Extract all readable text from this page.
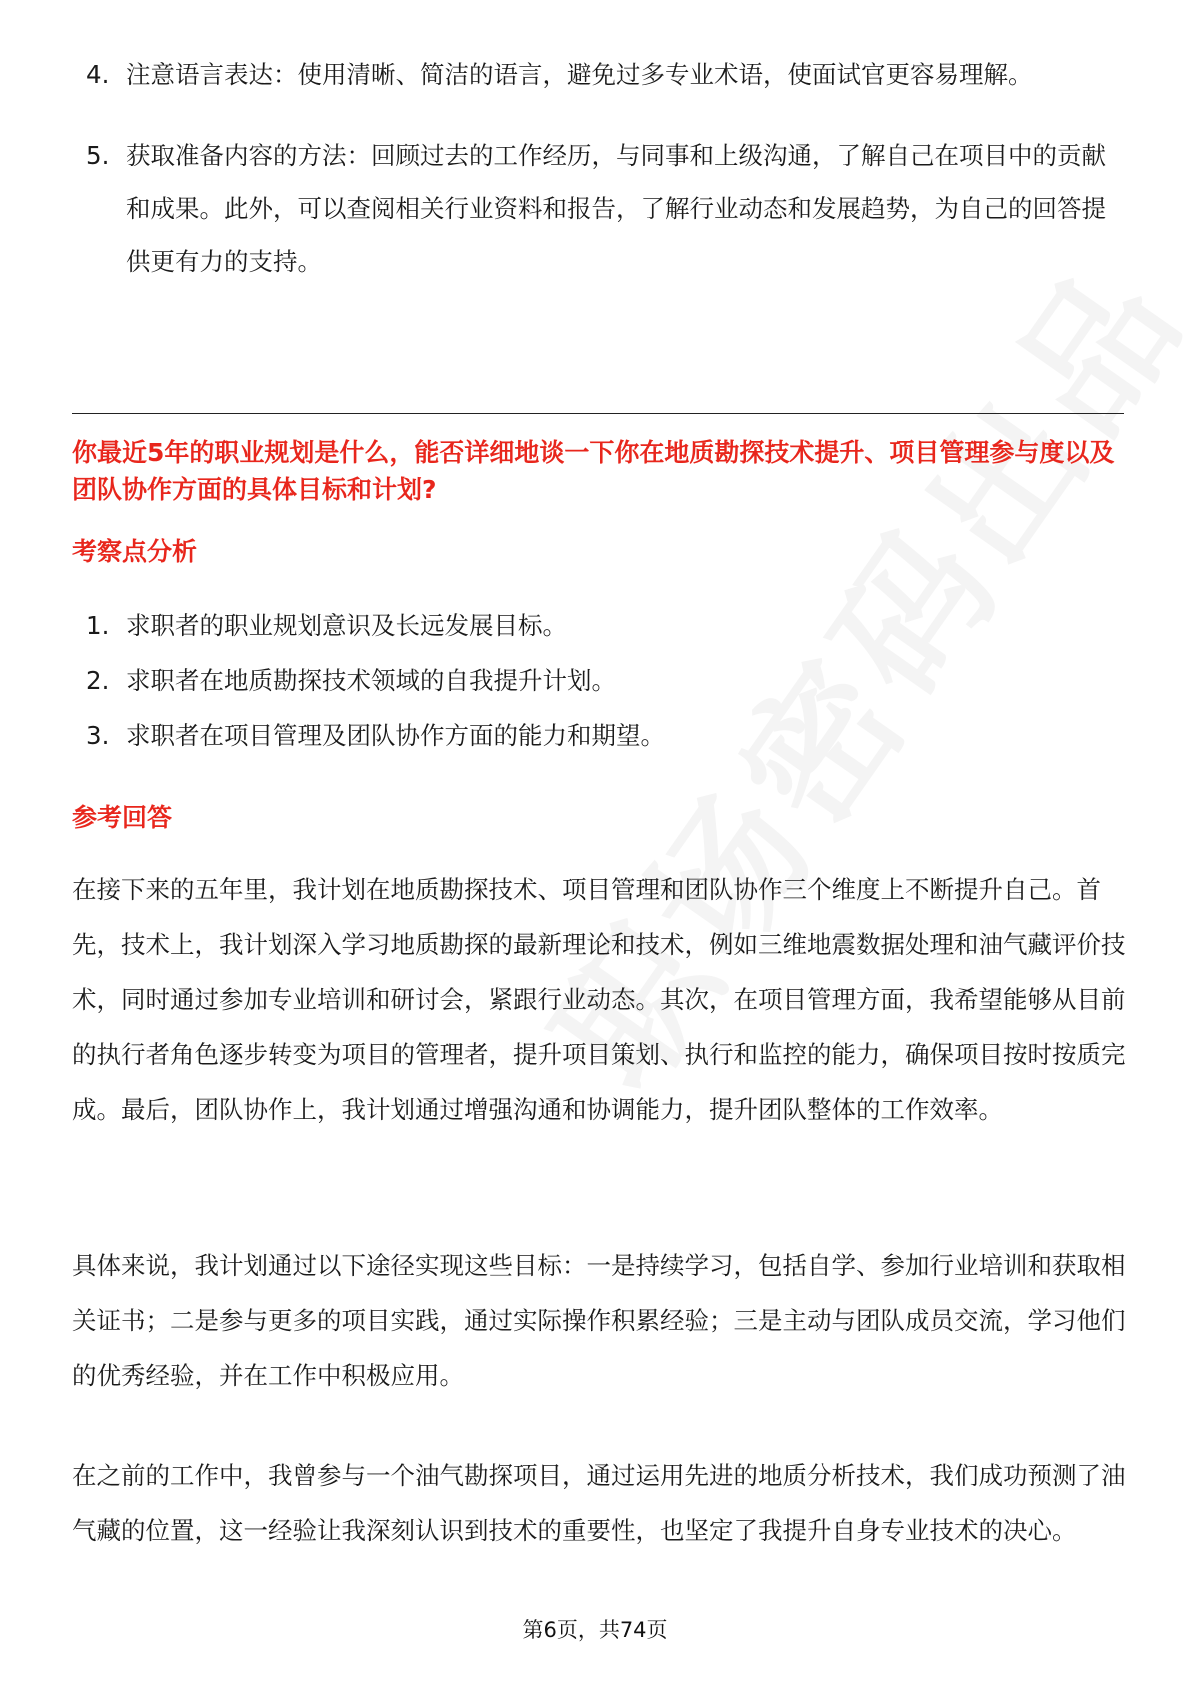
4. 注意语言表达：使用清晰、简洁的语言，避免过多专业术语，使面试官更容易理解。
5. 获取准备内容的方法：回顾过去的工作经历，与同事和上级沟通，了解自己在项目中的贡献和成果。此外，可以查阅相关行业资料和报告，了解行业动态和发展趋势，为自己的回答提供更有力的支持。
你最近5年的职业规划是什么，能否详细地谈一下你在地质勘探技术提升、项目管理参与度以及团队协作方面的具体目标和计划?
考察点分析
1. 求职者的职业规划意识及长远发展目标。
2. 求职者在地质勘探技术领域的自我提升计划。
3. 求职者在项目管理及团队协作方面的能力和期望。
参考回答

在接下来的五年里，我计划在地质勘探技术、项目管理和团队协作三个维度上不断提升自己。首先，技术上，我计划深入学习地质勘探的最新理论和技术，例如三维地震数据处理和油气藏评价技术，同时通过参加专业培训和研讨会，紧跟行业动态。其次，在项目管理方面，我希望能够从目前的执行者角色逐步转变为项目的管理者，提升项目策划、执行和监控的能力，确保项目按时按质完成。最后，团队协作上，我计划通过增强沟通和协调能力，提升团队整体的工作效率。

具体来说，我计划通过以下途径实现这些目标：一是持续学习，包括自学、参加行业培训和获取相关证书；二是参与更多的项目实践，通过实际操作积累经验；三是主动与团队成员交流，学习他们的优秀经验，并在工作中积极应用。

在之前的工作中，我曾参与一个油气勘探项目，通过运用先进的地质分析技术，我们成功预测了油气藏的位置，这一经验让我深刻认识到技术的重要性，也坚定了我提升自身专业技术的决心。

第6页，共74页
